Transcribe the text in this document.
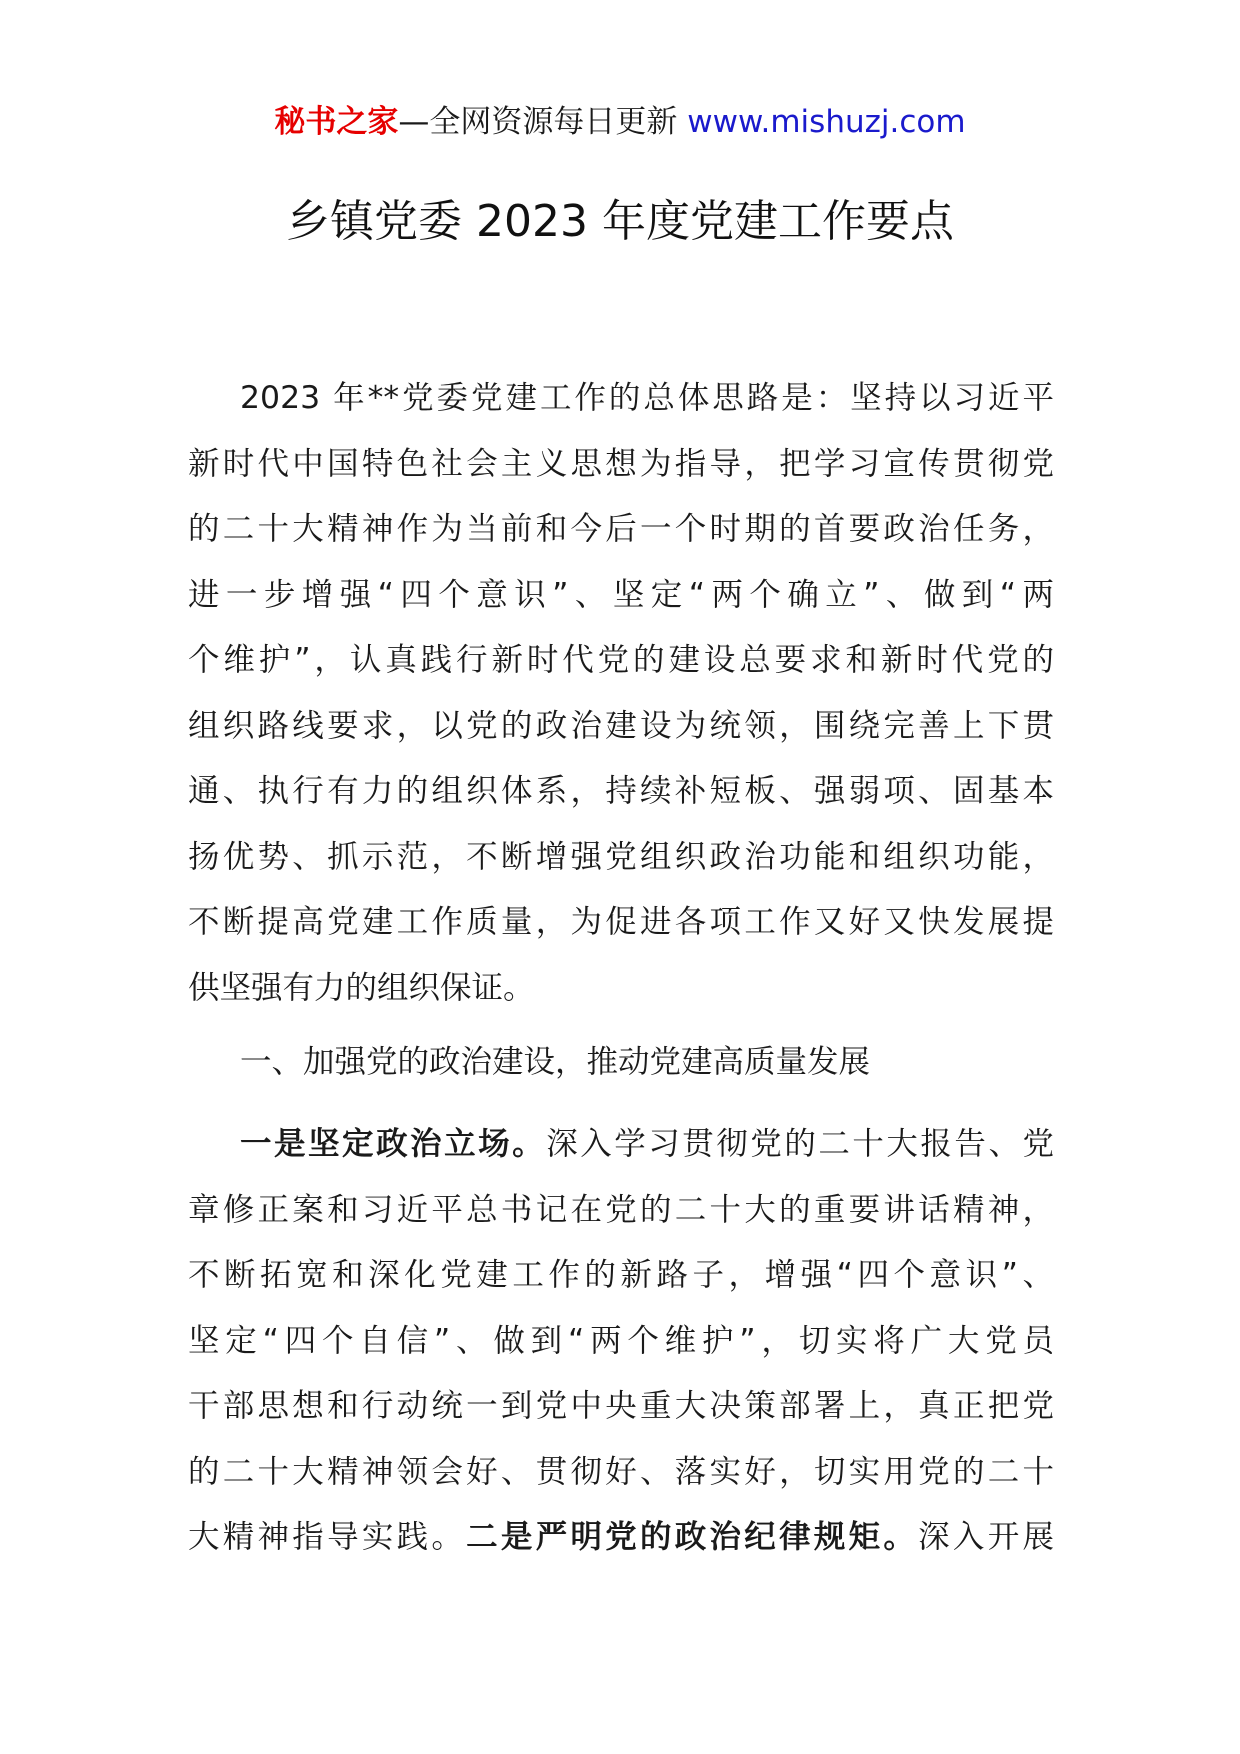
秘书之家—全网资源每日更新 www.mishuzj.com
乡镇党委 2023 年度党建工作要点
2023 年**党委党建工作的总体思路是：坚持以习近平
新时代中国特色社会主义思想为指导，把学习宣传贯彻党
的二十大精神作为当前和今后一个时期的首要政治任务，
进一步增强“四个意识”、坚定“两个确立”、做到“两
个维护”，认真践行新时代党的建设总要求和新时代党的
组织路线要求，以党的政治建设为统领，围绕完善上下贯
通、执行有力的组织体系，持续补短板、强弱项、固基本
扬优势、抓示范，不断增强党组织政治功能和组织功能，
不断提高党建工作质量，为促进各项工作又好又快发展提
供坚强有力的组织保证。
一、加强党的政治建设，推动党建高质量发展
一是坚定政治立场。深入学习贯彻党的二十大报告、党
章修正案和习近平总书记在党的二十大的重要讲话精神，
不断拓宽和深化党建工作的新路子，增强“四个意识”、
坚定“四个自信”、做到“两个维护”，切实将广大党员
干部思想和行动统一到党中央重大决策部署上，真正把党
的二十大精神领会好、贯彻好、落实好，切实用党的二十
大精神指导实践。二是严明党的政治纪律规矩。深入开展
